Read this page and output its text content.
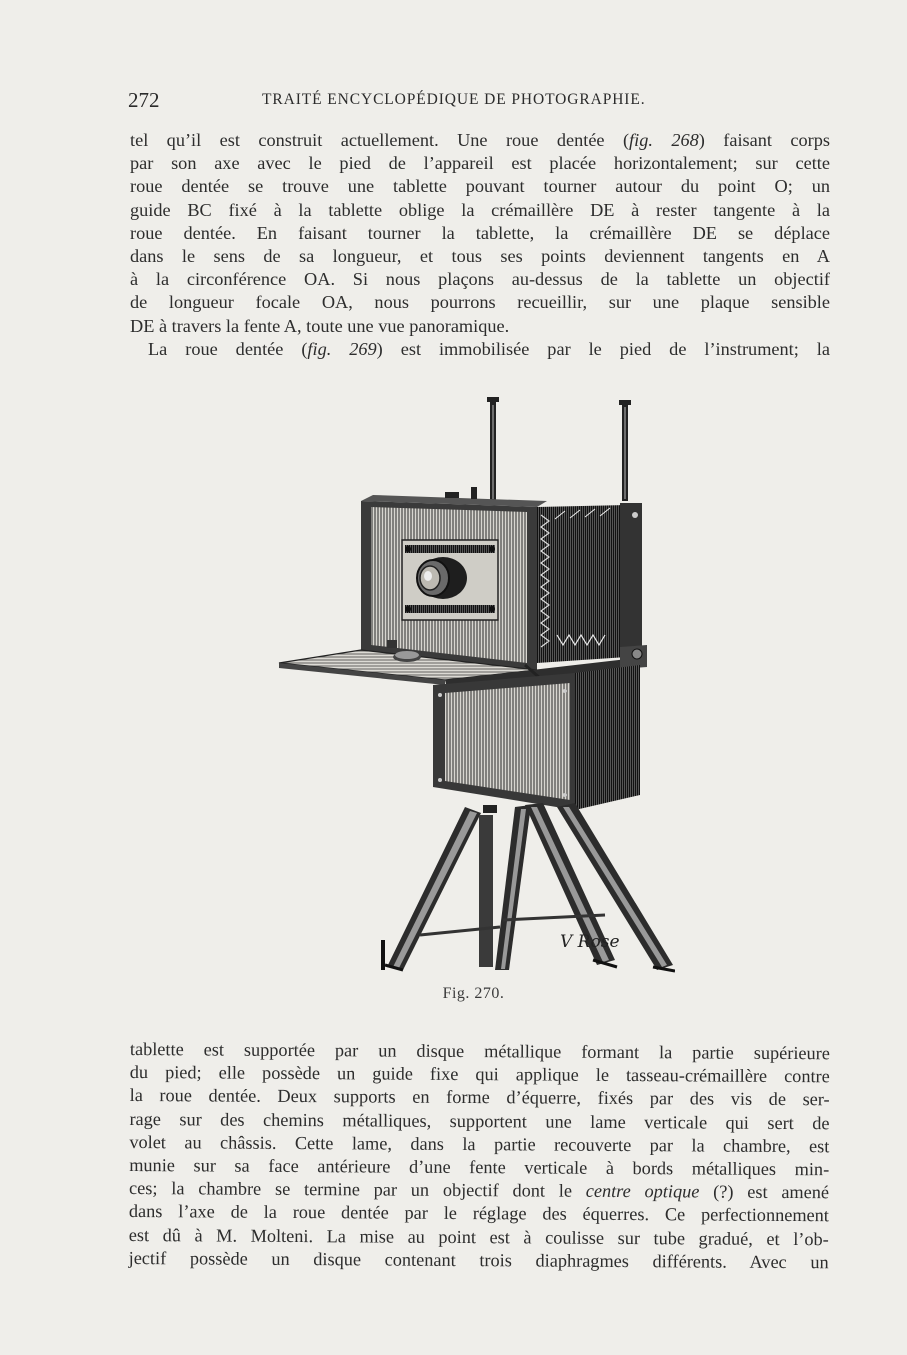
272	TRAITÉ ENCYCLOPÉDIQUE DE PHOTOGRAPHIE.
tel qu’il est construit actuellement. Une roue dentée (fig. 268) faisant corps
par son axe avec le pied de l’appareil est placée horizontalement; sur cette
roue dentée se trouve une tablette pouvant tourner autour du point O; un
guide BC fixé à la tablette oblige la crémaillère DE à rester tangente à la
roue dentée. En faisant tourner la tablette, la crémaillère DE se déplace
dans le sens de sa longueur, et tous ses points deviennent tangents en A
à la circonférence OA. Si nous plaçons au-dessus de la tablette un objectif
de longueur focale OA, nous pourrons recueillir, sur une plaque sensible
DE à travers la fente A, toute une vue panoramique.
La roue dentée (fig. 269) est immobilisée par le pied de l’instrument; la
V Rose
Fig. 270.
tablette est supportée par un disque métallique formant la partie supérieure
du pied; elle possède un guide fixe qui applique le tasseau-crémaillère contre
la roue dentée. Deux supports en forme d’équerre, fixés par des vis de ser-
rage sur des chemins métalliques, supportent une lame verticale qui sert de
volet au châssis. Cette lame, dans la partie recouverte par la chambre, est
munie sur sa face antérieure d’une fente verticale à bords métalliques min-
ces; la chambre se termine par un objectif dont le centre optique (?) est amené
dans l’axe de la roue dentée par le réglage des équerres. Ce perfectionnement
est dû à M. Molteni. La mise au point est à coulisse sur tube gradué, et l’ob-
jectif possède un disque contenant trois diaphragmes différents. Avec un
